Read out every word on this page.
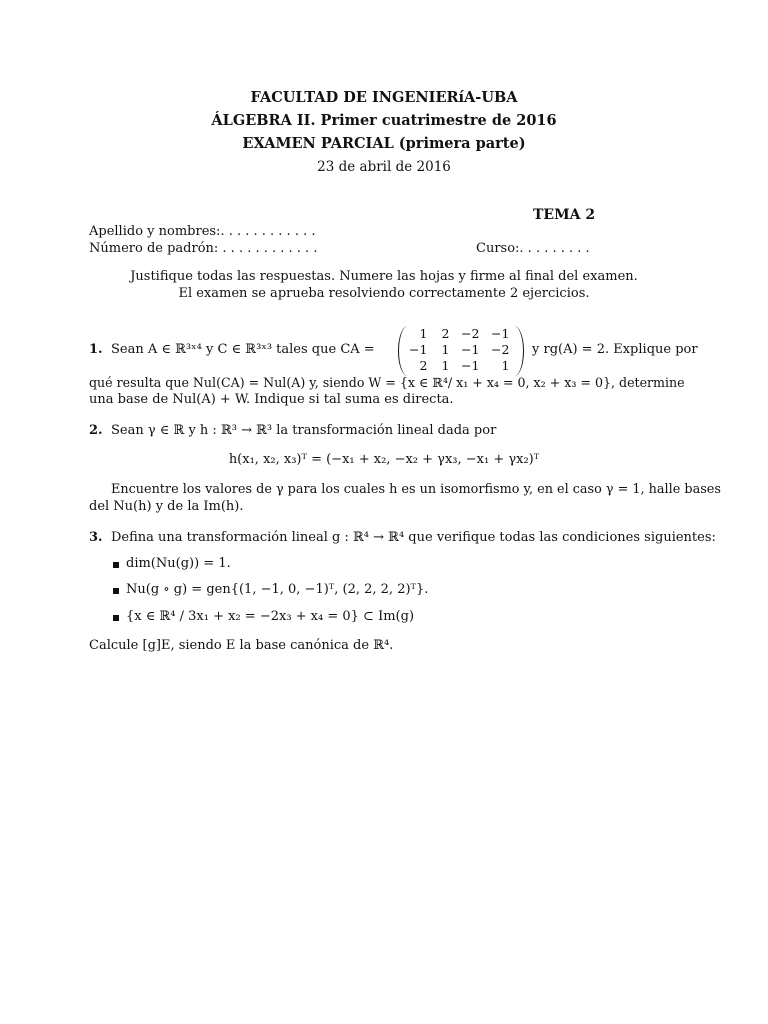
FACULTAD DE INGENIERíA-UBA
ÁLGEBRA II. Primer cuatrimestre de 2016
EXAMEN PARCIAL (primera parte)
23 de abril de 2016
TEMA 2
Apellido y nombres:. . . . . . . . . . . .
Número de padrón: . . . . . . . . . . . .	Curso:. . . . . . . . .
Justifique todas las respuestas. Numere las hojas y firme al final del examen.
El examen se aprueba resolviendo correctamente 2 ejercicios.
1. Sean A ∈ ℝ³ˣ⁴ y C ∈ ℝ³ˣ³ tales que CA =
1	2	−2	−1
−1	1	−1	−2
2	1	−1	1
y rg(A) = 2. Explique por
qué resulta que Nul(CA) = Nul(A) y, siendo W = {x ∈ ℝ⁴/ x₁ + x₄ = 0, x₂ + x₃ = 0}, determine
una base de Nul(A) + W. Indique si tal suma es directa.
2. Sean γ ∈ ℝ y h : ℝ³ → ℝ³ la transformación lineal dada por
h(x₁, x₂, x₃)ᵀ = (−x₁ + x₂, −x₂ + γx₃, −x₁ + γx₂)ᵀ
Encuentre los valores de γ para los cuales h es un isomorfismo y, en el caso γ = 1, halle bases
del Nu(h) y de la Im(h).
3. Defina una transformación lineal g : ℝ⁴ → ℝ⁴ que verifique todas las condiciones siguientes:
dim(Nu(g)) = 1.
Nu(g ∘ g) = gen{(1, −1, 0, −1)ᵀ, (2, 2, 2, 2)ᵀ}.
{x ∈ ℝ⁴ / 3x₁ + x₂ = −2x₃ + x₄ = 0} ⊂ Im(g)
Calcule [g]E, siendo E la base canónica de ℝ⁴.
